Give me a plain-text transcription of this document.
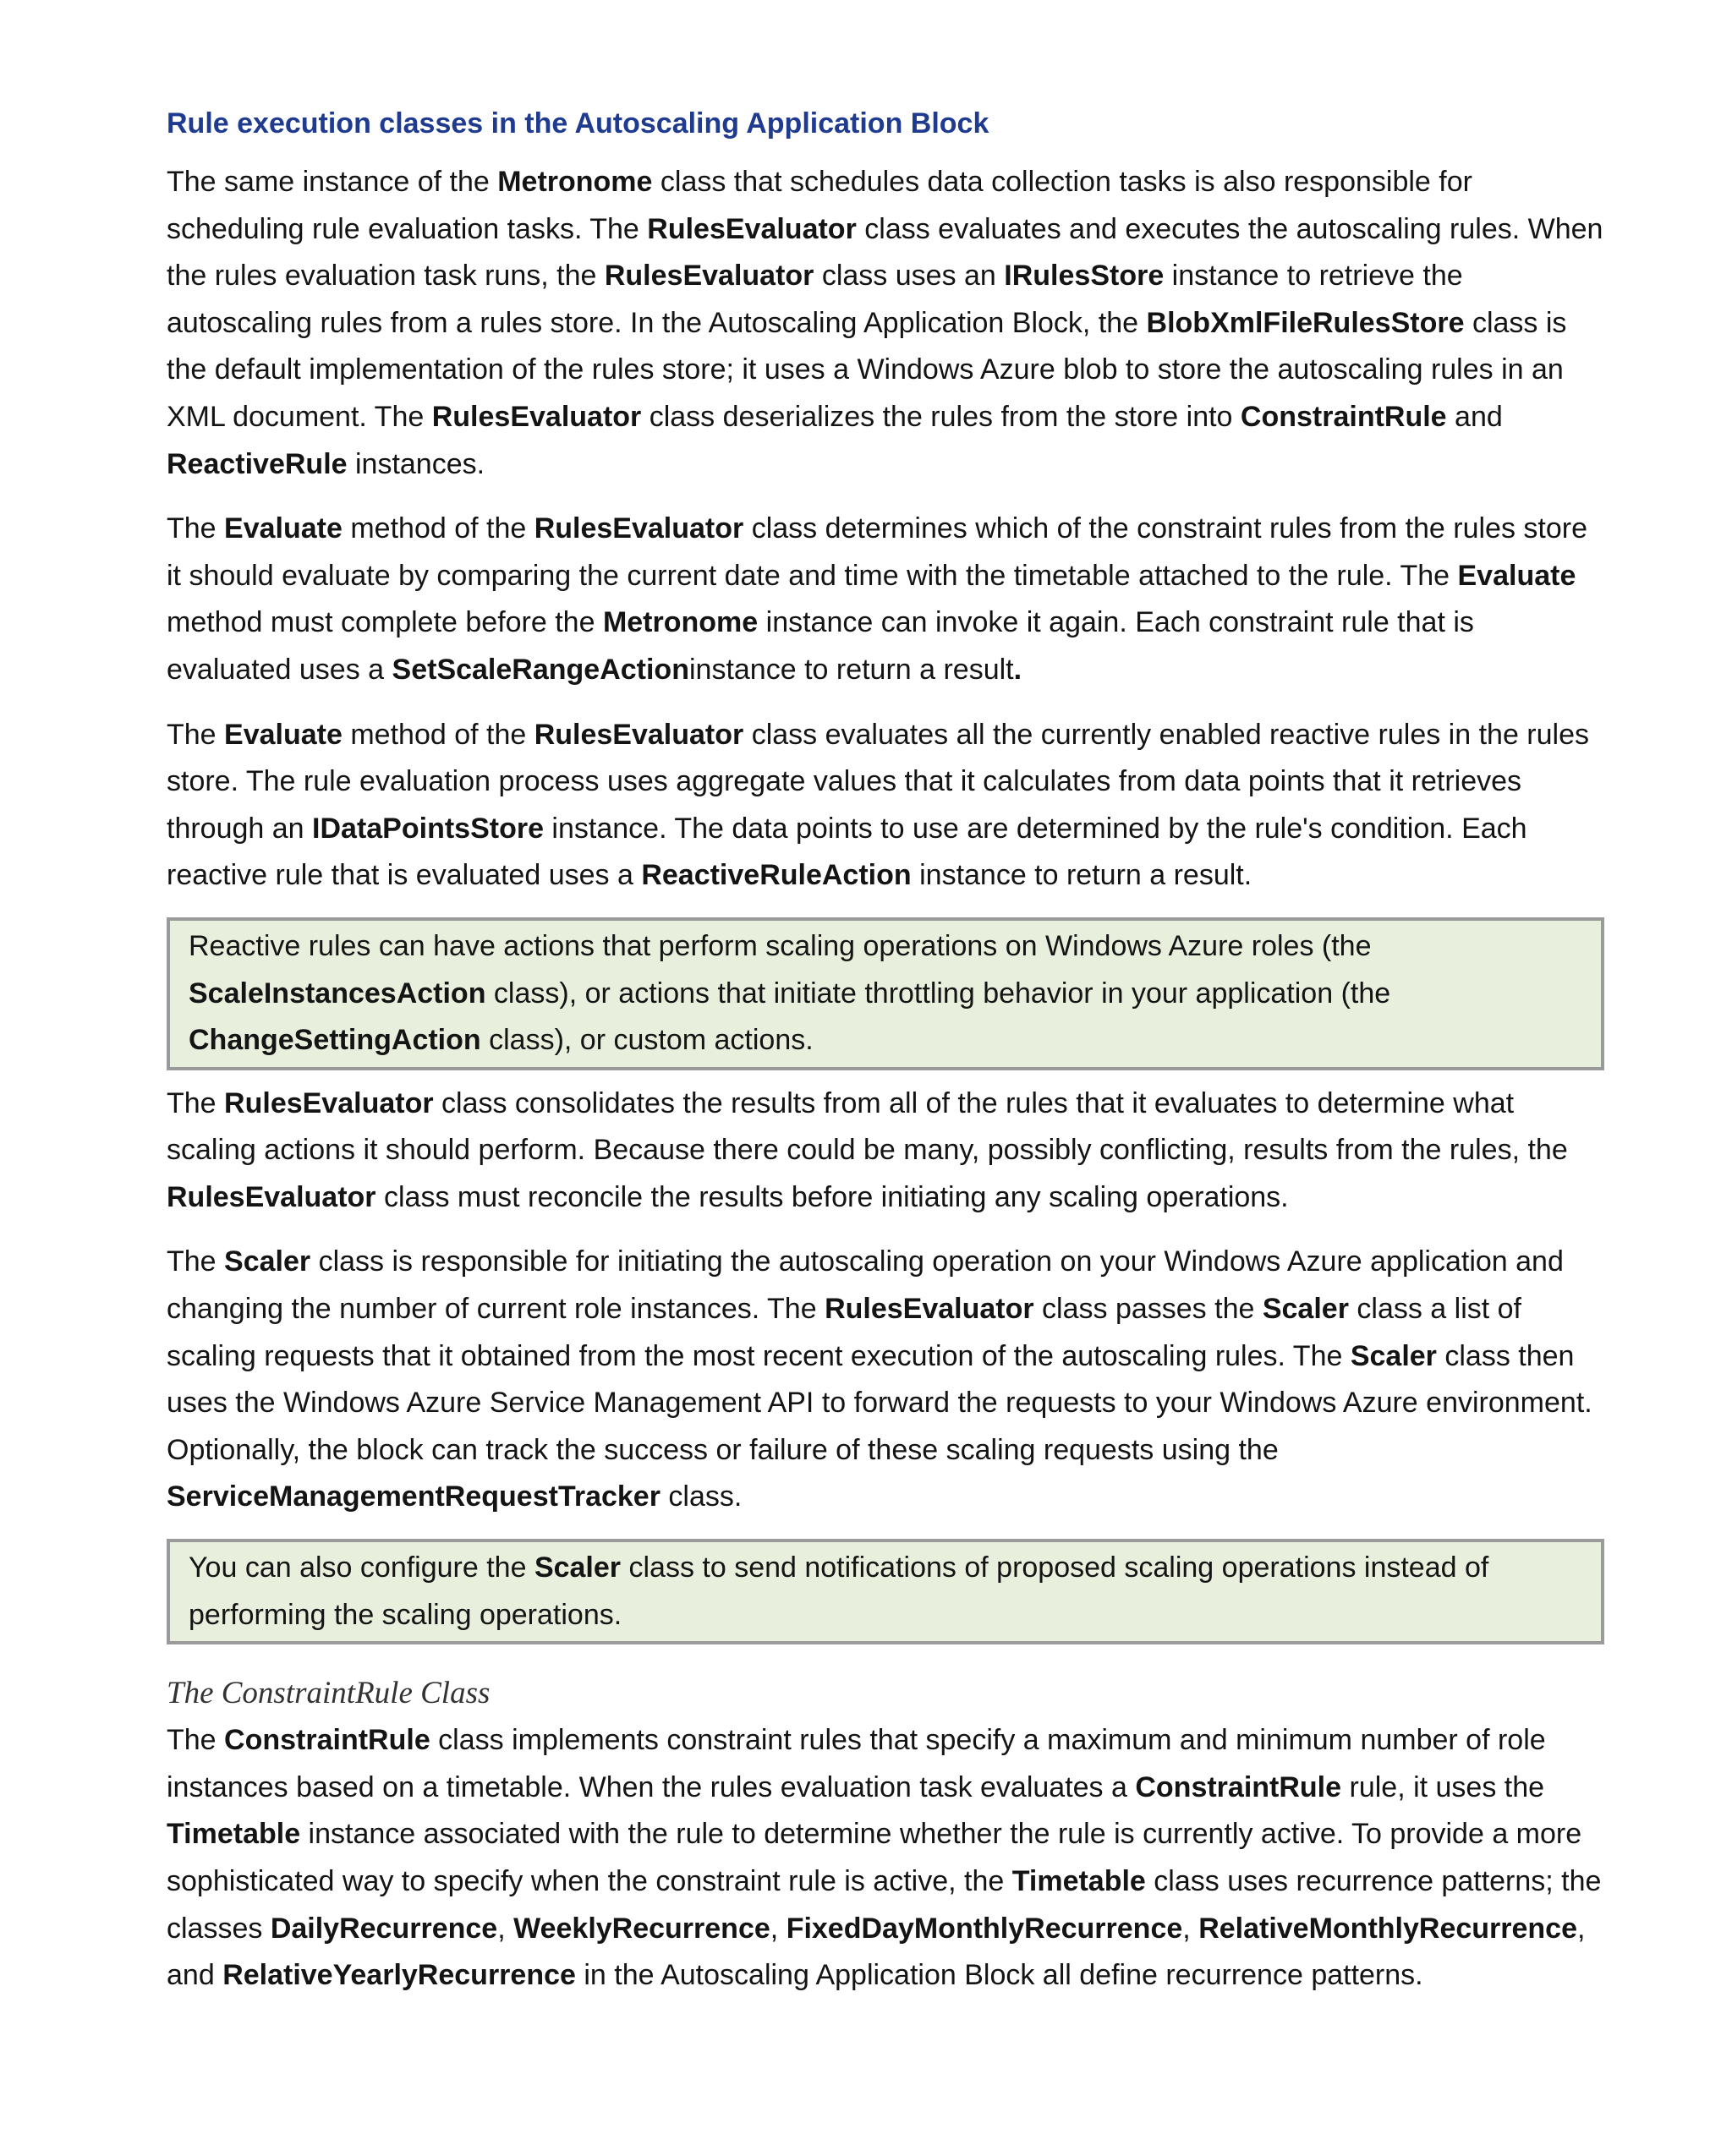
Rule execution classes in the Autoscaling Application Block

The same instance of the Metronome class that schedules data collection tasks is also responsible for scheduling rule evaluation tasks. The RulesEvaluator class evaluates and executes the autoscaling rules. When the rules evaluation task runs, the RulesEvaluator class uses an IRulesStore instance to retrieve the autoscaling rules from a rules store. In the Autoscaling Application Block, the BlobXmlFileRulesStore class is the default implementation of the rules store; it uses a Windows Azure blob to store the autoscaling rules in an XML document. The RulesEvaluator class deserializes the rules from the store into ConstraintRule and ReactiveRule instances.

The Evaluate method of the RulesEvaluator class determines which of the constraint rules from the rules store it should evaluate by comparing the current date and time with the timetable attached to the rule. The Evaluate method must complete before the Metronome instance can invoke it again. Each constraint rule that is evaluated uses a SetScaleRangeActioninstance to return a result.

The Evaluate method of the RulesEvaluator class evaluates all the currently enabled reactive rules in the rules store. The rule evaluation process uses aggregate values that it calculates from data points that it retrieves through an IDataPointsStore instance. The data points to use are determined by the rule's condition. Each reactive rule that is evaluated uses a ReactiveRuleAction instance to return a result.

Reactive rules can have actions that perform scaling operations on Windows Azure roles (the ScaleInstancesAction class), or actions that initiate throttling behavior in your application (the ChangeSettingAction class), or custom actions.

The RulesEvaluator class consolidates the results from all of the rules that it evaluates to determine what scaling actions it should perform. Because there could be many, possibly conflicting, results from the rules, the RulesEvaluator class must reconcile the results before initiating any scaling operations.

The Scaler class is responsible for initiating the autoscaling operation on your Windows Azure application and changing the number of current role instances. The RulesEvaluator class passes the Scaler class a list of scaling requests that it obtained from the most recent execution of the autoscaling rules. The Scaler class then uses the Windows Azure Service Management API to forward the requests to your Windows Azure environment. Optionally, the block can track the success or failure of these scaling requests using the ServiceManagementRequestTracker class.

You can also configure the Scaler class to send notifications of proposed scaling operations instead of performing the scaling operations.
The ConstraintRule Class

The ConstraintRule class implements constraint rules that specify a maximum and minimum number of role instances based on a timetable. When the rules evaluation task evaluates a ConstraintRule rule, it uses the Timetable instance associated with the rule to determine whether the rule is currently active. To provide a more sophisticated way to specify when the constraint rule is active, the Timetable class uses recurrence patterns; the classes DailyRecurrence, WeeklyRecurrence, FixedDayMonthlyRecurrence, RelativeMonthlyRecurrence, and RelativeYearlyRecurrence in the Autoscaling Application Block all define recurrence patterns.
